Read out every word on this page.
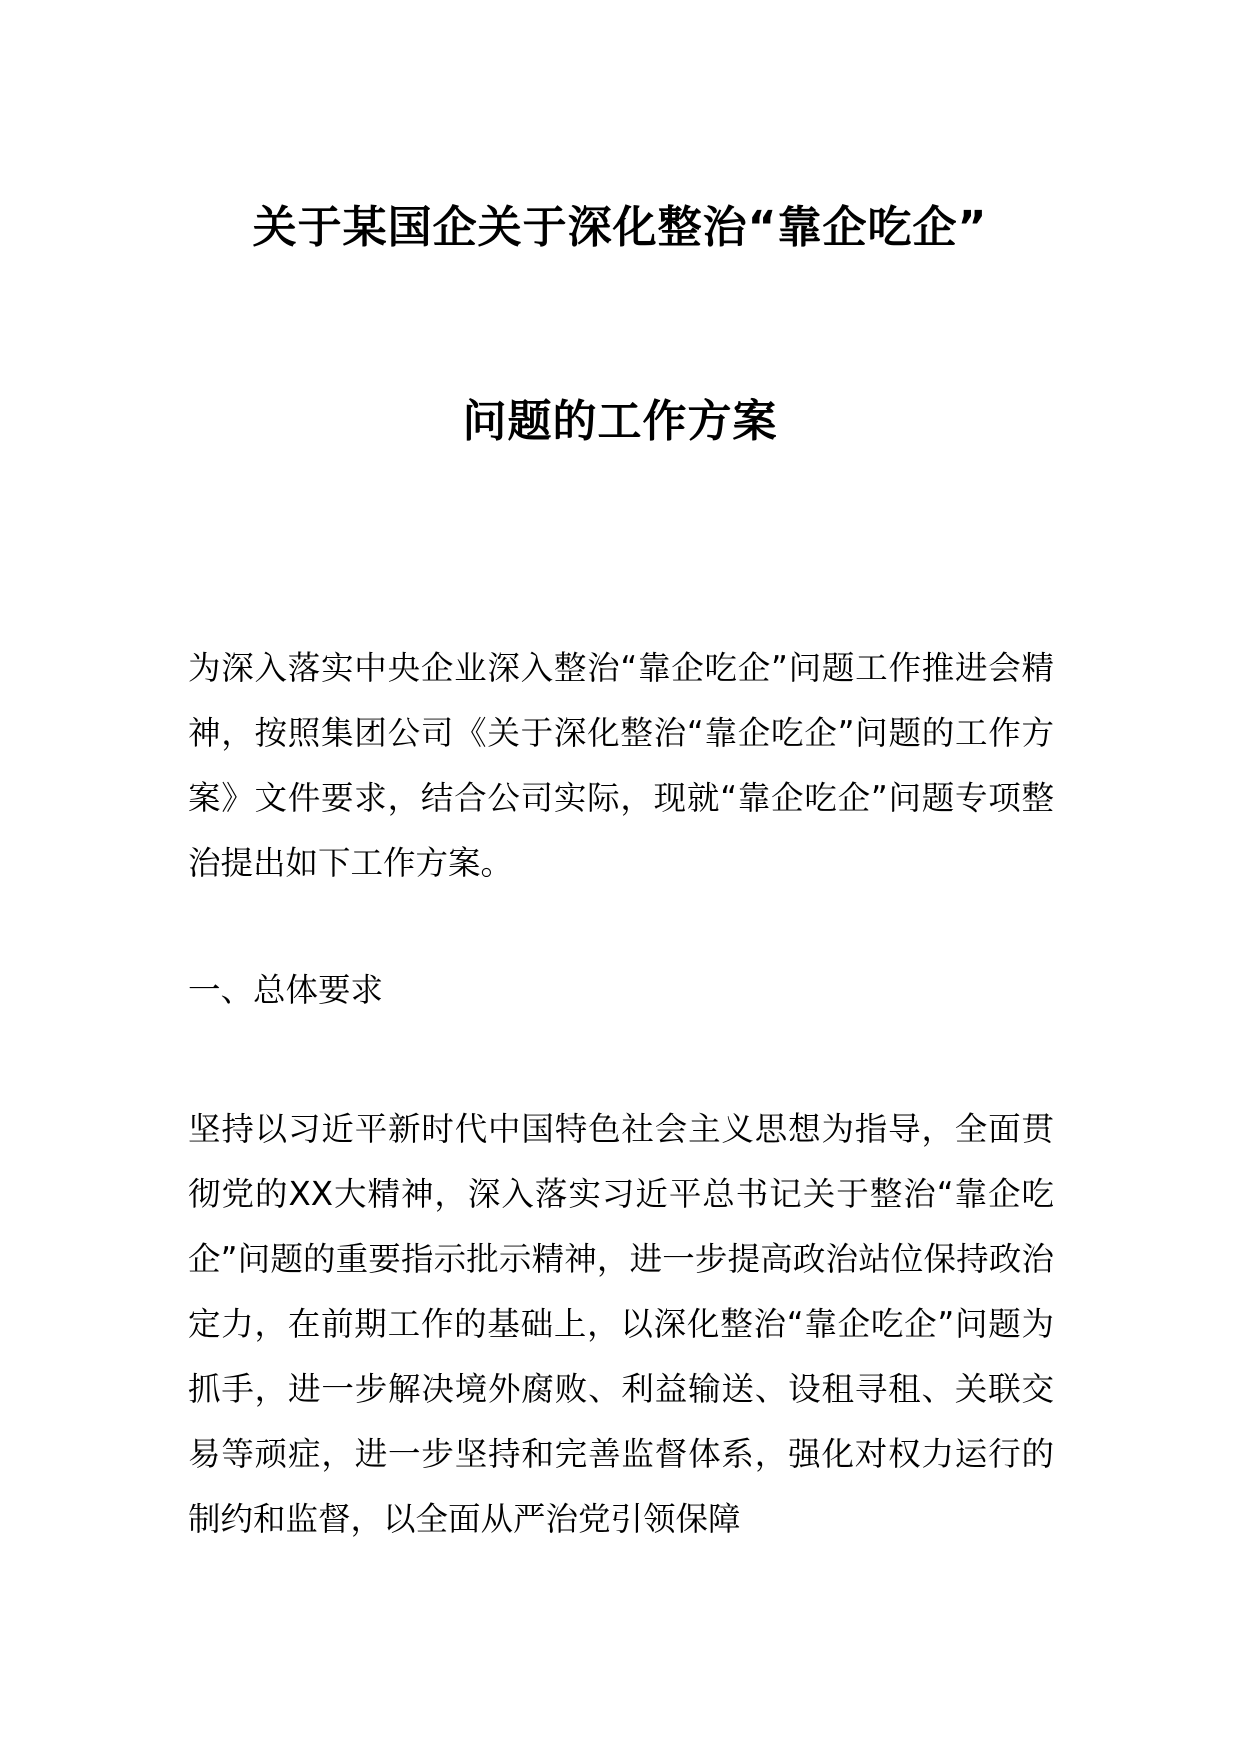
关于某国企关于深化整治“靠企吃企”
问题的工作方案

为深入落实中央企业深入整治“靠企吃企”问题工作推进会精神，按照集团公司《关于深化整治“靠企吃企”问题的工作方案》文件要求，结合公司实际，现就“靠企吃企”问题专项整治提出如下工作方案。

一、总体要求

坚持以习近平新时代中国特色社会主义思想为指导，全面贯彻党的XX大精神，深入落实习近平总书记关于整治“靠企吃企”问题的重要指示批示精神，进一步提高政治站位保持政治定力，在前期工作的基础上，以深化整治“靠企吃企”问题为抓手，进一步解决境外腐败、利益输送、设租寻租、关联交易等顽症，进一步坚持和完善监督体系，强化对权力运行的制约和监督，以全面从严治党引领保障
